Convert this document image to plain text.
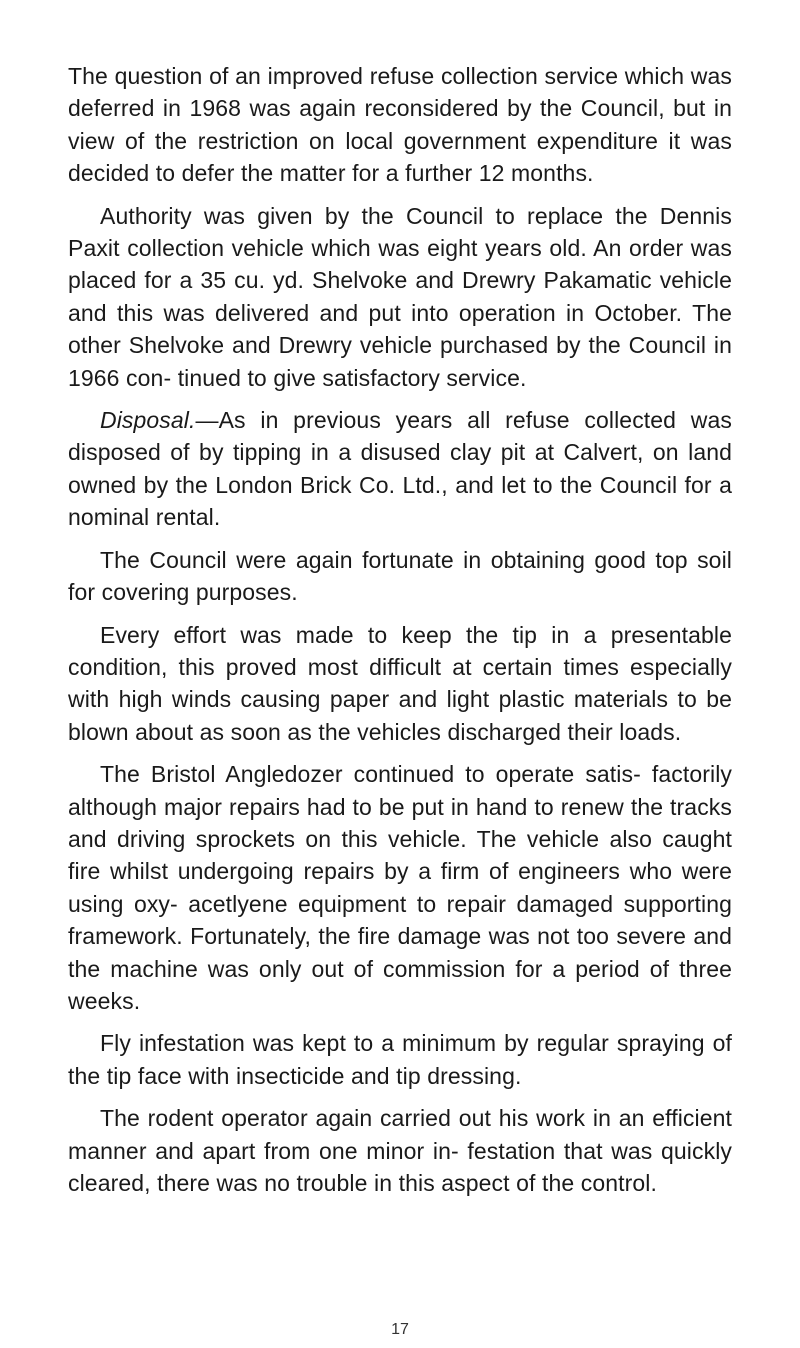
The question of an improved refuse collection service which was deferred in 1968 was again reconsidered by the Council, but in view of the restriction on local government expenditure it was decided to defer the matter for a further 12 months.

Authority was given by the Council to replace the Dennis Paxit collection vehicle which was eight years old. An order was placed for a 35 cu. yd. Shelvoke and Drewry Pakamatic vehicle and this was delivered and put into operation in October. The other Shelvoke and Drewry vehicle purchased by the Council in 1966 con- tinued to give satisfactory service.

Disposal.—As in previous years all refuse collected was disposed of by tipping in a disused clay pit at Calvert, on land owned by the London Brick Co. Ltd., and let to the Council for a nominal rental.

The Council were again fortunate in obtaining good top soil for covering purposes.

Every effort was made to keep the tip in a presentable condition, this proved most difficult at certain times especially with high winds causing paper and light plastic materials to be blown about as soon as the vehicles discharged their loads.

The Bristol Angledozer continued to operate satis- factorily although major repairs had to be put in hand to renew the tracks and driving sprockets on this vehicle. The vehicle also caught fire whilst undergoing repairs by a firm of engineers who were using oxy- acetlyene equipment to repair damaged supporting framework. Fortunately, the fire damage was not too severe and the machine was only out of commission for a period of three weeks.

Fly infestation was kept to a minimum by regular spraying of the tip face with insecticide and tip dressing.

The rodent operator again carried out his work in an efficient manner and apart from one minor in- festation that was quickly cleared, there was no trouble in this aspect of the control.

17
